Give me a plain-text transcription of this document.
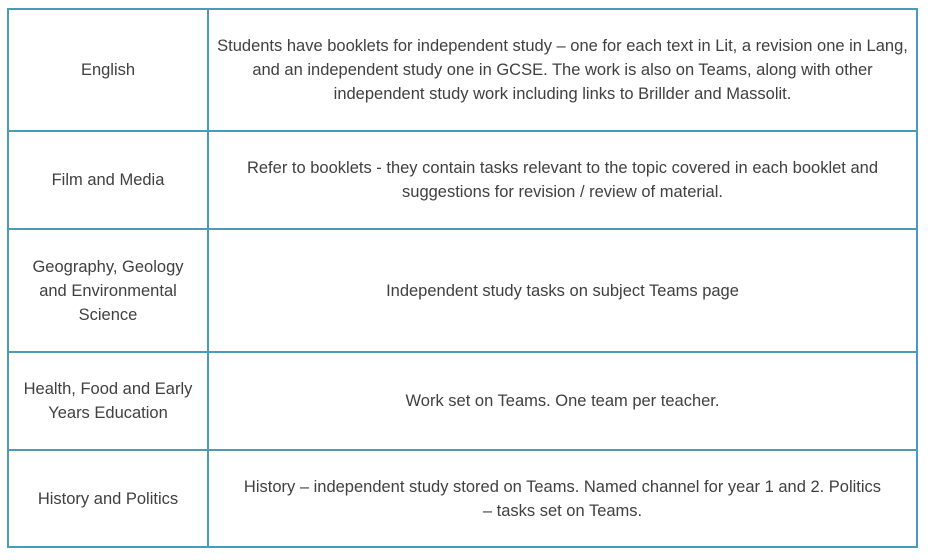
English	Students have booklets for independent study – one for each text in Lit, a revision one in Lang, and an independent study one in GCSE. The work is also on Teams, along with other independent study work including links to Brillder and Massolit.
Film and Media	Refer to booklets - they contain tasks relevant to the topic covered in each booklet and suggestions for revision / review of material.
Geography, Geology and Environmental Science	Independent study tasks on subject Teams page
Health, Food and Early Years Education	Work set on Teams. One team per teacher.
History and Politics	History – independent study stored on Teams. Named channel for year 1 and 2. Politics – tasks set on Teams.
